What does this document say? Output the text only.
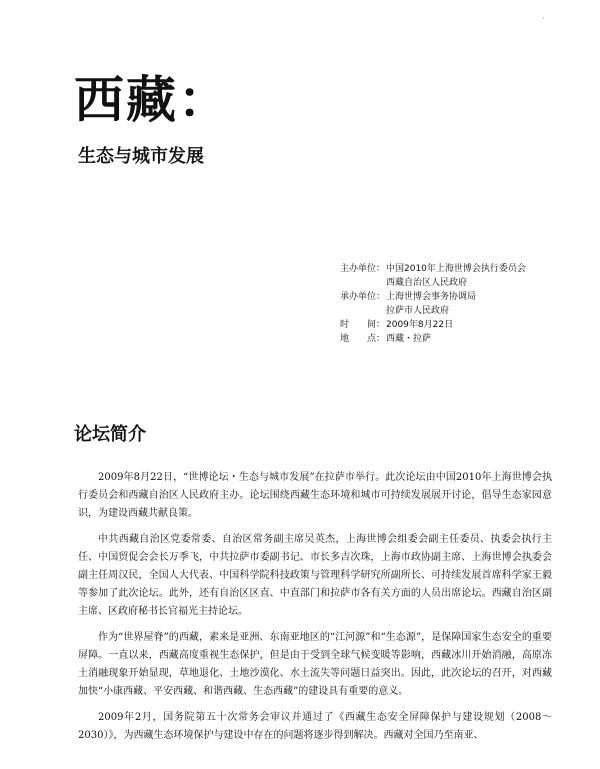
·
西藏：
生态与城市发展
主办单位： 中国2010年上海世博会执行委员会
西藏自治区人民政府
承办单位： 上海世博会事务协调局
拉萨市人民政府
时　　间： 2009年8月22日
地　　点： 西藏・拉萨
论坛简介

2009年8月22日，“世博论坛・生态与城市发展”在拉萨市举行。此次论坛由中国2010年上海世博会执行委员会和西藏自治区人民政府主办。论坛围绕西藏生态环境和城市可持续发展展开讨论，倡导生态家园意识，为建设西藏共献良策。

中共西藏自治区党委常委、自治区常务副主席吴英杰，上海世博会组委会副主任委员、执委会执行主任、中国贸促会会长万季飞，中共拉萨市委副书记、市长多吉次珠，上海市政协副主席、上海世博会执委会副主任周汉民，全国人大代表、中国科学院科技政策与管理科学研究所副所长、可持续发展首席科学家王毅等参加了此次论坛。此外，还有自治区区直、中直部门和拉萨市各有关方面的人员出席论坛。西藏自治区副主席、区政府秘书长官福光主持论坛。

作为“世界屋脊”的西藏，素来是亚洲、东南亚地区的“江河源”和“生态源”，是保障国家生态安全的重要屏障。一直以来，西藏高度重视生态保护，但是由于受到全球气候变暖等影响，西藏冰川开始消融，高原冻土消融现象开始显现，草地退化、土地沙漠化、水土流失等问题日益突出。因此，此次论坛的召开，对西藏加快“小康西藏、平安西藏、和谐西藏、生态西藏”的建设具有重要的意义。

2009年2月，国务院第五十次常务会审议并通过了《西藏生态安全屏障保护与建设规划（2008～2030）》，为西藏生态环境保护与建设中存在的问题将逐步得到解决。西藏对全国乃至南亚、
